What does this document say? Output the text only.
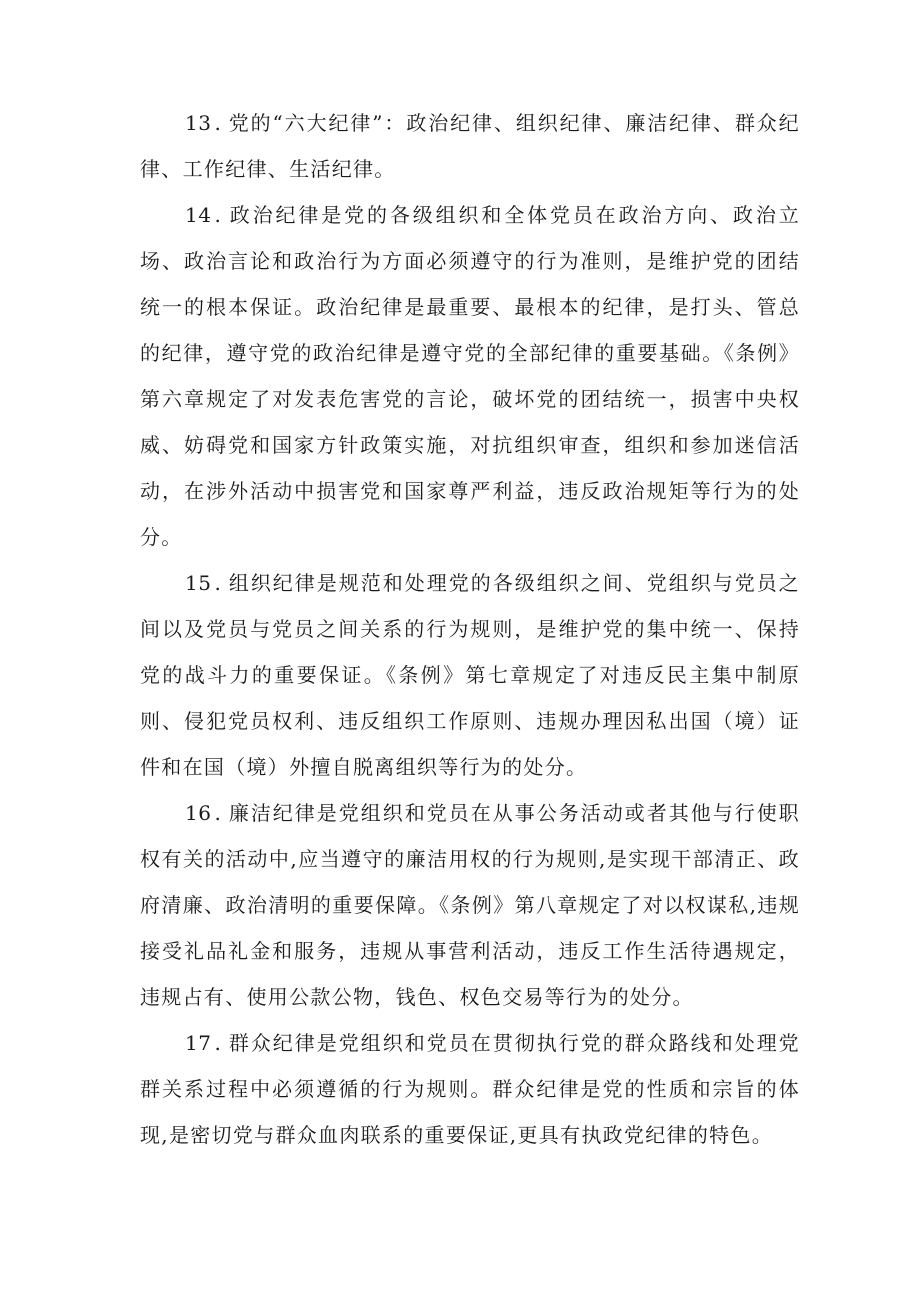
13 . 党的“六大纪律”：政治纪律、组织纪律、廉洁纪律、群众纪律、工作纪律、生活纪律。

14 . 政治纪律是党的各级组织和全体党员在政治方向、政治立场、政治言论和政治行为方面必须遵守的行为准则，是维护党的团结统一的根本保证。政治纪律是最重要、最根本的纪律，是打头、管总的纪律，遵守党的政治纪律是遵守党的全部纪律的重要基础。《条例》第六章规定了对发表危害党的言论，破坏党的团结统一，损害中央权威、妨碍党和国家方针政策实施，对抗组织审查，组织和参加迷信活动，在涉外活动中损害党和国家尊严利益，违反政治规矩等行为的处分。

15 . 组织纪律是规范和处理党的各级组织之间、党组织与党员之间以及党员与党员之间关系的行为规则，是维护党的集中统一、保持党的战斗力的重要保证。《条例》第七章规定了对违反民主集中制原则、侵犯党员权利、违反组织工作原则、违规办理因私出国（境）证件和在国（境）外擅自脱离组织等行为的处分。

16 . 廉洁纪律是党组织和党员在从事公务活动或者其他与行使职权有关的活动中,应当遵守的廉洁用权的行为规则,是实现干部清正、政府清廉、政治清明的重要保障。《条例》第八章规定了对以权谋私,违规接受礼品礼金和服务，违规从事营利活动，违反工作生活待遇规定，违规占有、使用公款公物，钱色、权色交易等行为的处分。

17 . 群众纪律是党组织和党员在贯彻执行党的群众路线和处理党群关系过程中必须遵循的行为规则。群众纪律是党的性质和宗旨的体现,是密切党与群众血肉联系的重要保证,更具有执政党纪律的特色。
